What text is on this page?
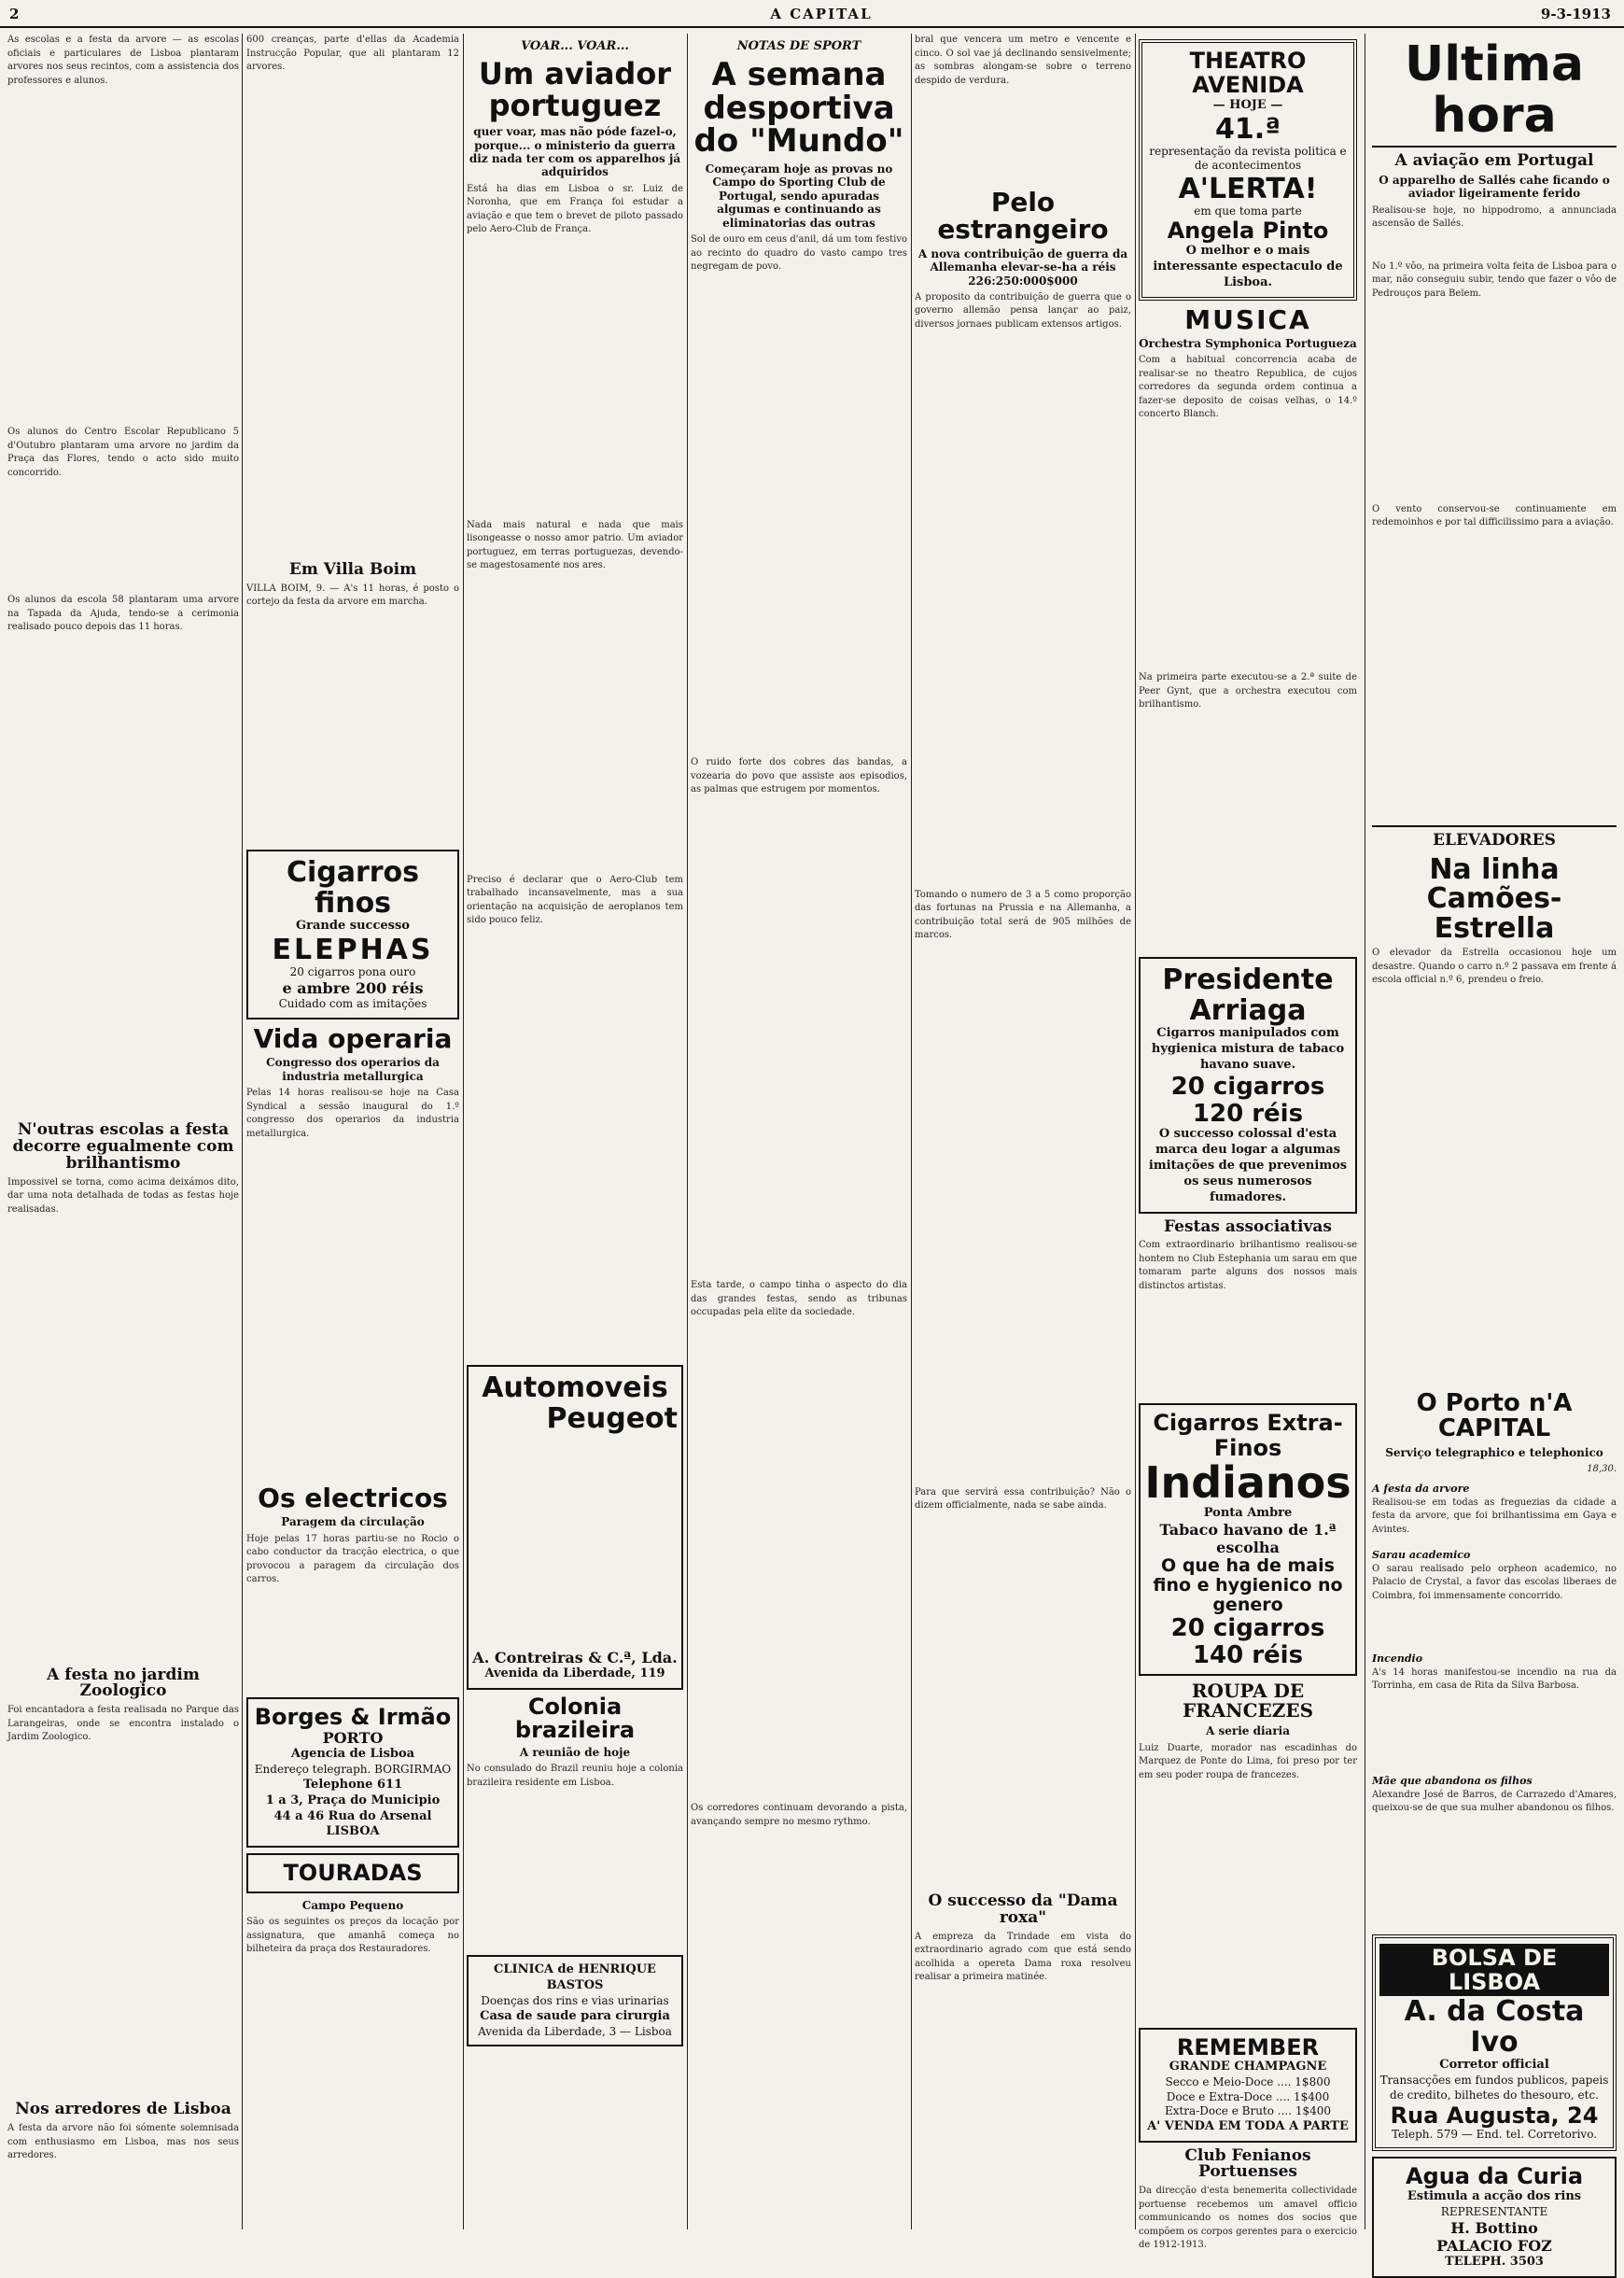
2	A CAPITAL	9-3-1913

As escolas e a festa da arvore — as escolas oficiais e particulares de Lisboa plantaram arvores nos seus recintos, com a assistencia dos professores e alunos.

Os alunos do Centro Escolar Republicano 5 d'Outubro plantaram uma arvore no jardim da Praça das Flores, tendo o acto sido muito concorrido.

Os alunos da escola 58 plantaram uma arvore na Tapada da Ajuda, tendo-se a cerimonia realisado pouco depois das 11 horas.

N'outras escolas a festa decorre egualmente com brilhantismo

Impossivel se torna, como acima deixámos dito, dar uma nota detalhada de todas as festas hoje realisadas.

A festa no jardim Zoologico

Foi encantadora a festa realisada no Parque das Larangeiras, onde se encontra instalado o Jardim Zoologico.

Nos arredores de Lisboa

A festa da arvore não foi sómente solemnisada com enthusiasmo em Lisboa, mas nos seus arredores.

600 creanças, parte d'ellas da Academia Instrucção Popular, que ali plantaram 12 arvores.

Em Villa Boim

VILLA BOIM, 9. — A's 11 horas, é posto o cortejo da festa da arvore em marcha.

Cigarros finos
Grande successo
ELEPHAS
20 cigarros pona ouro
e ambre 200 réis
Cuidado com as imitações
Vida operaria
Congresso dos operarios da industria metallurgica

Pelas 14 horas realisou-se hoje na Casa Syndical a sessão inaugural do 1.º congresso dos operarios da industria metallurgica.

Os electricos
Paragem da circulação

Hoje pelas 17 horas partiu-se no Rocio o cabo conductor da tracção electrica, o que provocou a paragem da circulação dos carros.

Borges & Irmão
PORTO
Agencia de Lisboa
Endereço telegraph. BORGIRMAO
Telephone 611
1 a 3, Praça do Municipio
44 a 46 Rua do Arsenal
LISBOA
TOURADAS
Campo Pequeno

São os seguintes os preços da locação por assignatura, que amanhã começa no bilheteira da praça dos Restauradores.

VOAR... VOAR...
Um aviador portuguez
quer voar, mas não póde fazel-o, porque... o ministerio da guerra diz nada ter com os apparelhos já adquiridos

Está ha dias em Lisboa o sr. Luiz de Noronha, que em França foi estudar a aviação e que tem o brevet de piloto passado pelo Aero-Club de França.

Nada mais natural e nada que mais lisongeasse o nosso amor patrio. Um aviador portuguez, em terras portuguezas, devendo-se magestosamente nos ares.

Preciso é declarar que o Aero-Club tem trabalhado incansavelmente, mas a sua orientação na acquisição de aeroplanos tem sido pouco feliz.

Automoveis
Peugeot
A. Contreiras & C.ª, Lda.
Avenida da Liberdade, 119
Colonia brazileira
A reunião de hoje

No consulado do Brazil reuniu hoje a colonia brazileira residente em Lisboa.

CLINICA de HENRIQUE BASTOS
Doenças dos rins e vias urinarias
Casa de saude para cirurgia
Avenida da Liberdade, 3 — Lisboa
NOTAS DE SPORT
A semana desportiva do "Mundo"
Começaram hoje as provas no Campo do Sporting Club de Portugal, sendo apuradas algumas e continuando as eliminatorias das outras

Sol de ouro em ceus d'anil, dá um tom festivo ao recinto do quadro do vasto campo tres negregam de povo.

O ruido forte dos cobres das bandas, a vozearia do povo que assiste aos episodios, as palmas que estrugem por momentos.

Esta tarde, o campo tinha o aspecto do dia das grandes festas, sendo as tribunas occupadas pela elite da sociedade.

Os corredores continuam devorando a pista, avançando sempre no mesmo rythmo.

bral que vencera um metro e vencente e cinco. O sol vae já declinando sensivelmente; as sombras alongam-se sobre o terreno despido de verdura.

Pelo estrangeiro
A nova contribuição de guerra da Allemanha elevar-se-ha a réis 226:250:000$000

A proposito da contribuição de guerra que o governo allemão pensa lançar ao paiz, diversos jornaes publicam extensos artigos.

Tomando o numero de 3 a 5 como proporção das fortunas na Prussia e na Allemanha, a contribuição total será de 905 milhões de marcos.

Para que servirá essa contribuição? Não o dizem officialmente, nada se sabe ainda.

O successo da "Dama roxa"

A empreza da Trindade em vista do extraordinario agrado com que está sendo acolhida a opereta Dama roxa resolveu realisar a primeira matinée.

THEATRO AVENIDA
— HOJE —
41.ª
representação da revista politica e de acontecimentos
A'LERTA!
em que toma parte
Angela Pinto
O melhor e o mais interessante espectaculo de Lisboa.
MUSICA
Orchestra Symphonica Portugueza

Com a habitual concorrencia acaba de realisar-se no theatro Republica, de cujos corredores da segunda ordem continua a fazer-se deposito de coisas velhas, o 14.º concerto Blanch.

Na primeira parte executou-se a 2.ª suite de Peer Gynt, que a orchestra executou com brilhantismo.

Presidente Arriaga
Cigarros manipulados com hygienica mistura de tabaco havano suave.
20 cigarros 120 réis
O successo colossal d'esta marca deu logar a algumas imitações de que prevenimos os seus numerosos fumadores.
Festas associativas

Com extraordinario brilhantismo realisou-se hontem no Club Estephania um sarau em que tomaram parte alguns dos nossos mais distinctos artistas.

Cigarros Extra-Finos
Indianos
Ponta Ambre
Tabaco havano de 1.ª escolha
O que ha de mais fino e hygienico no genero
20 cigarros 140 réis
ROUPA DE FRANCEZES
A serie diaria

Luiz Duarte, morador nas escadinhas do Marquez de Ponte do Lima, foi preso por ter em seu poder roupa de francezes.

REMEMBER
GRANDE CHAMPAGNE
Secco e Meio-Doce .... 1$800
Doce e Extra-Doce .... 1$400
Extra-Doce e Bruto .... 1$400
A' VENDA EM TODA A PARTE
Club Fenianos Portuenses

Da direcção d'esta benemerita collectividade portuense recebemos um amavel officio communicando os nomes dos socios que compõem os corpos gerentes para o exercicio de 1912-1913.

Ultima hora
A aviação em Portugal
O apparelho de Sallés cahe ficando o aviador ligeiramente ferido

Realisou-se hoje, no hippodromo, a annunciada ascensão de Sallés.

No 1.º vôo, na primeira volta feita de Lisboa para o mar, não conseguiu subir, tendo que fazer o vôo de Pedrouços para Belem.

O vento conservou-se continuamente em redemoinhos e por tal difficilissimo para a aviação.

ELEVADORES
Na linha Camões-Estrella

O elevador da Estrella occasionou hoje um desastre. Quando o carro n.º 2 passava em frente á escola official n.º 6, prendeu o freio.

O Porto n'A CAPITAL
Serviço telegraphico e telephonico
18,30.
A festa da arvore

Realisou-se em todas as freguezias da cidade a festa da arvore, que foi brilhantissima em Gaya e Avintes.

Sarau academico

O sarau realisado pelo orpheon academico, no Palacio de Crystal, a favor das escolas liberaes de Coimbra, foi immensamente concorrido.

Incendio

A's 14 horas manifestou-se incendio na rua da Torrinha, em casa de Rita da Silva Barbosa.

Mãe que abandona os filhos

Alexandre José de Barros, de Carrazedo d'Amares, queixou-se de que sua mulher abandonou os filhos.

BOLSA DE LISBOA
A. da Costa Ivo
Corretor official
Transacções em fundos publicos, papeis de credito, bilhetes do thesouro, etc.
Rua Augusta, 24
Teleph. 579 — End. tel. Corretorivo.
Agua da Curia
Estimula a acção dos rins
REPRESENTANTE
H. Bottino
PALACIO FOZ
TELEPH. 3503
